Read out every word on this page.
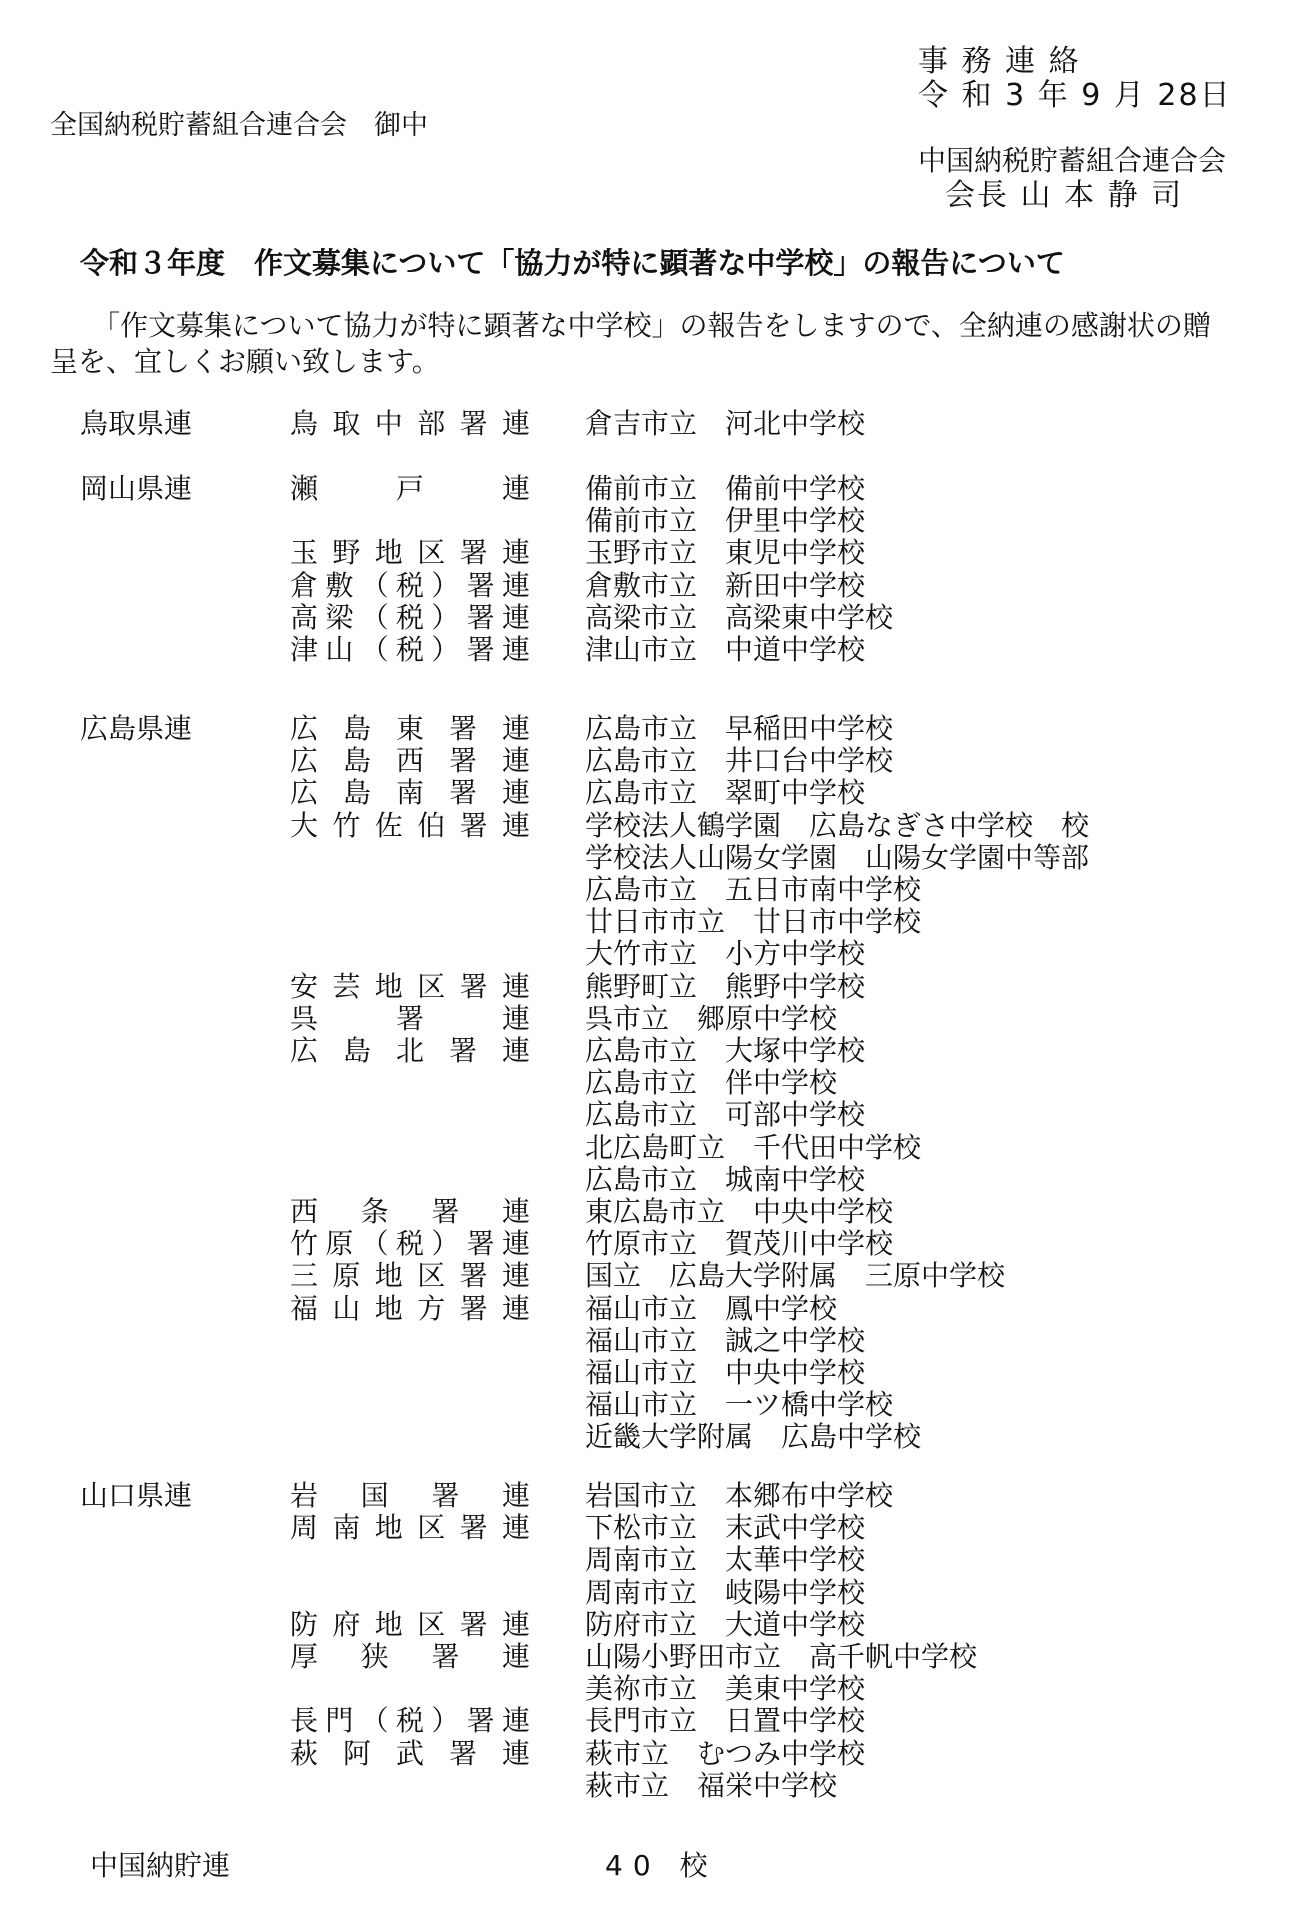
事 務 連 絡
令 和 3 年 9 月 28日
全国納税貯蓄組合連合会　御中
中国納税貯蓄組合連合会
会長 山 本 静 司
令和３年度　作文募集について「協力が特に顕著な中学校」の報告について
「作文募集について協力が特に顕著な中学校」の報告をしますので、全納連の感謝状の贈呈を、宜しくお願い致します。
鳥取県連	鳥取中部署連 倉吉市立　河北中学校
岡山県連	瀬戸連 備前市立　備前中学校
備前市立　伊里中学校
玉野地区署連 玉野市立　東児中学校
倉敷（税）署連 倉敷市立　新田中学校
高梁（税）署連 高梁市立　高梁東中学校
津山（税）署連 津山市立　中道中学校
広島県連	広島東署連 広島市立　早稲田中学校
広島西署連 広島市立　井口台中学校
広島南署連 広島市立　翠町中学校
大竹佐伯署連 学校法人鶴学園　広島なぎさ中学校　校
学校法人山陽女学園　山陽女学園中等部
広島市立　五日市南中学校
廿日市市立　廿日市中学校
大竹市立　小方中学校
安芸地区署連 熊野町立　熊野中学校
呉署連 呉市立　郷原中学校
広島北署連 広島市立　大塚中学校
広島市立　伴中学校
広島市立　可部中学校
北広島町立　千代田中学校
広島市立　城南中学校
西条署連 東広島市立　中央中学校
竹原（税）署連 竹原市立　賀茂川中学校
三原地区署連 国立　広島大学附属　三原中学校
福山地方署連 福山市立　鳳中学校
福山市立　誠之中学校
福山市立　中央中学校
福山市立　一ツ橋中学校
近畿大学附属　広島中学校
山口県連	岩国署連 岩国市立　本郷布中学校
周南地区署連 下松市立　末武中学校
周南市立　太華中学校
周南市立　岐陽中学校
防府地区署連 防府市立　大道中学校
厚狭署連 山陽小野田市立　高千帆中学校
美祢市立　美東中学校
長門（税）署連 長門市立　日置中学校
萩阿武署連 萩市立　むつみ中学校
萩市立　福栄中学校
中国納貯連	40 校
